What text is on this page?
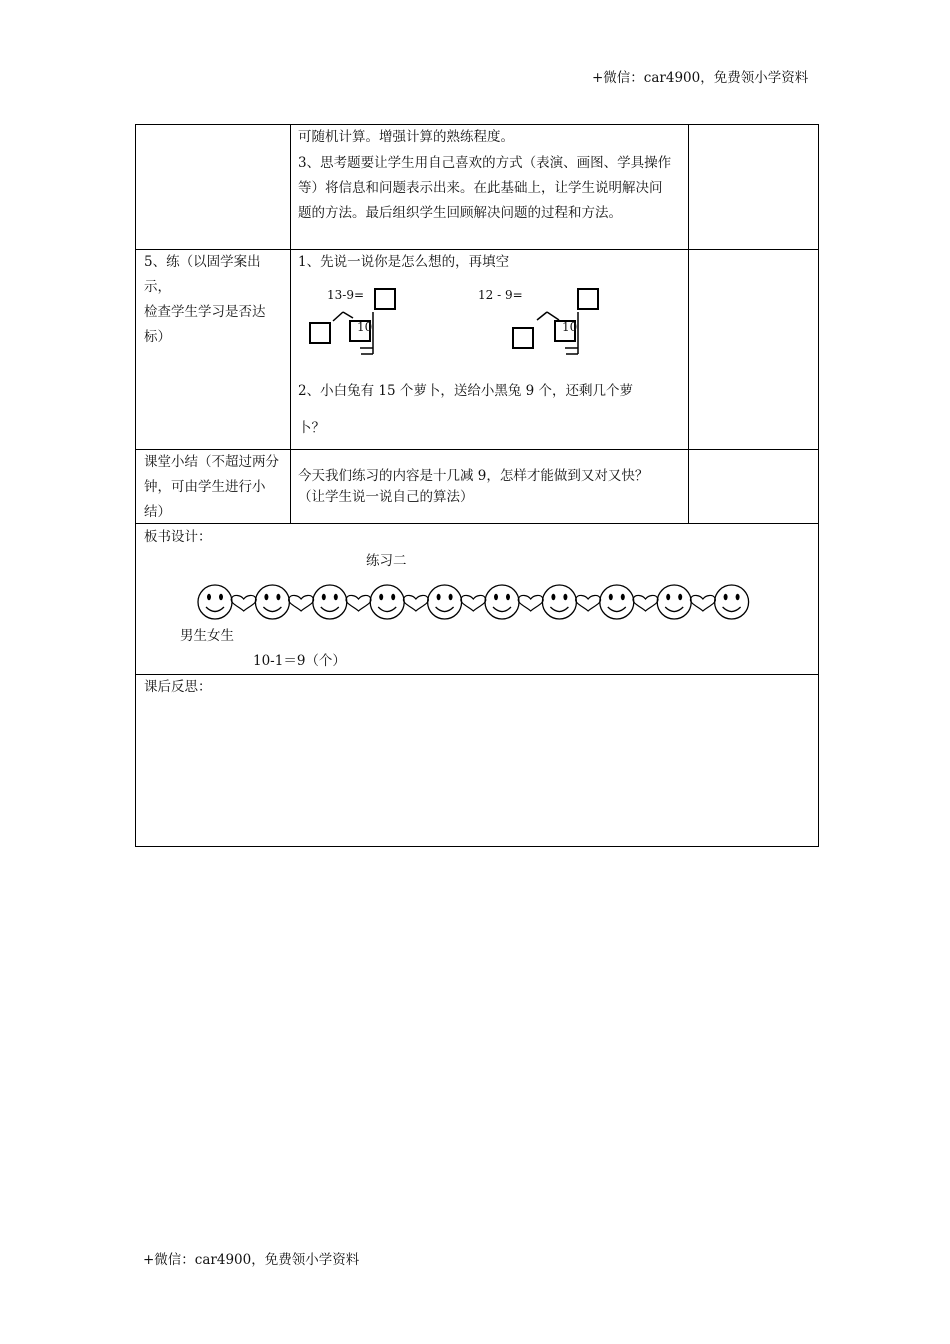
+微信：car4900，免费领小学资料

可随机计算。增强计算的熟练程度。

3、思考题要让学生用自己喜欢的方式（表演、画图、学具操作

等）将信息和问题表示出来。在此基础上，让学生说明解决问

题的方法。最后组织学生回顾解决问题的过程和方法。

5、练（以固学案出示，

检查学生学习是否达

标）

1、先说一说你是怎么想的，再填空
13-9=
10
12 - 9=
10
2、小白兔有 15 个萝卜，送给小黑兔 9 个，还剩几个萝
卜？

课堂小结（不超过两分

钟，可由学生进行小

结）

今天我们练习的内容是十几减 9，怎样才能做到又对又快？

（让学生说一说自己的算法）

板书设计：
练习二
男生女生
10-1＝9（个）
课后反思：
+微信：car4900，免费领小学资料
